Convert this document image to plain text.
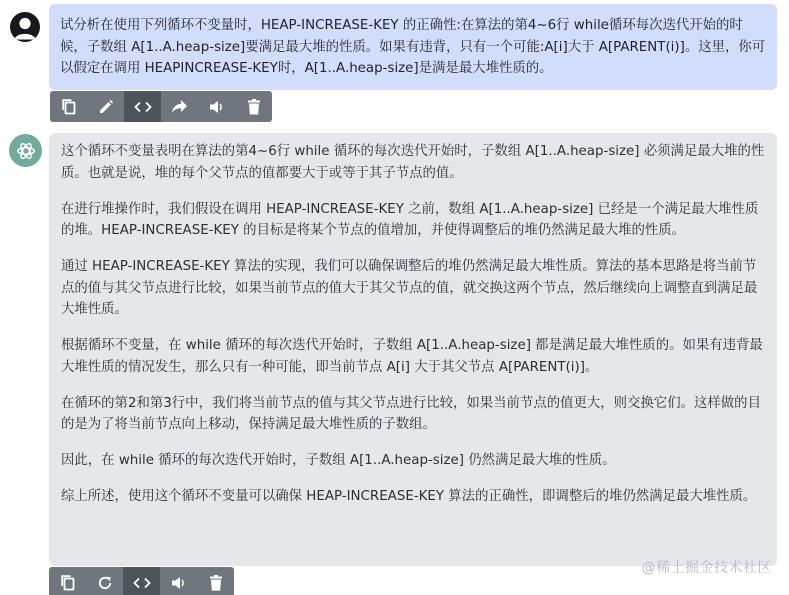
试分析在使用下列循环不变量时，HEAP-INCREASE-KEY 的正确性:在算法的第4~6行 while循环每次迭代开始的时候，子数组 A[1..A.heap-size]要满足最大堆的性质。如果有违背，只有一个可能:A[i]大于 A[PARENT(i)]。这里，你可以假定在调用 HEAPINCREASE-KEY时，A[1..A.heap-size]是满是最大堆性质的。

这个循环不变量表明在算法的第4~6行 while 循环的每次迭代开始时，子数组 A[1..A.heap-size] 必须满足最大堆的性质。也就是说，堆的每个父节点的值都要大于或等于其子节点的值。

在进行堆操作时，我们假设在调用 HEAP-INCREASE-KEY 之前，数组 A[1..A.heap-size] 已经是一个满足最大堆性质的堆。HEAP-INCREASE-KEY 的目标是将某个节点的值增加，并使得调整后的堆仍然满足最大堆的性质。

通过 HEAP-INCREASE-KEY 算法的实现，我们可以确保调整后的堆仍然满足最大堆性质。算法的基本思路是将当前节点的值与其父节点进行比较，如果当前节点的值大于其父节点的值，就交换这两个节点，然后继续向上调整直到满足最大堆性质。

根据循环不变量，在 while 循环的每次迭代开始时，子数组 A[1..A.heap-size] 都是满足最大堆性质的。如果有违背最大堆性质的情况发生，那么只有一种可能，即当前节点 A[i] 大于其父节点 A[PARENT(i)]。

在循环的第2和第3行中，我们将当前节点的值与其父节点进行比较，如果当前节点的值更大，则交换它们。这样做的目的是为了将当前节点向上移动，保持满足最大堆性质的子数组。

因此，在 while 循环的每次迭代开始时，子数组 A[1..A.heap-size] 仍然满足最大堆的性质。

综上所述，使用这个循环不变量可以确保 HEAP-INCREASE-KEY 算法的正确性，即调整后的堆仍然满足最大堆性质。

@稀土掘金技术社区
